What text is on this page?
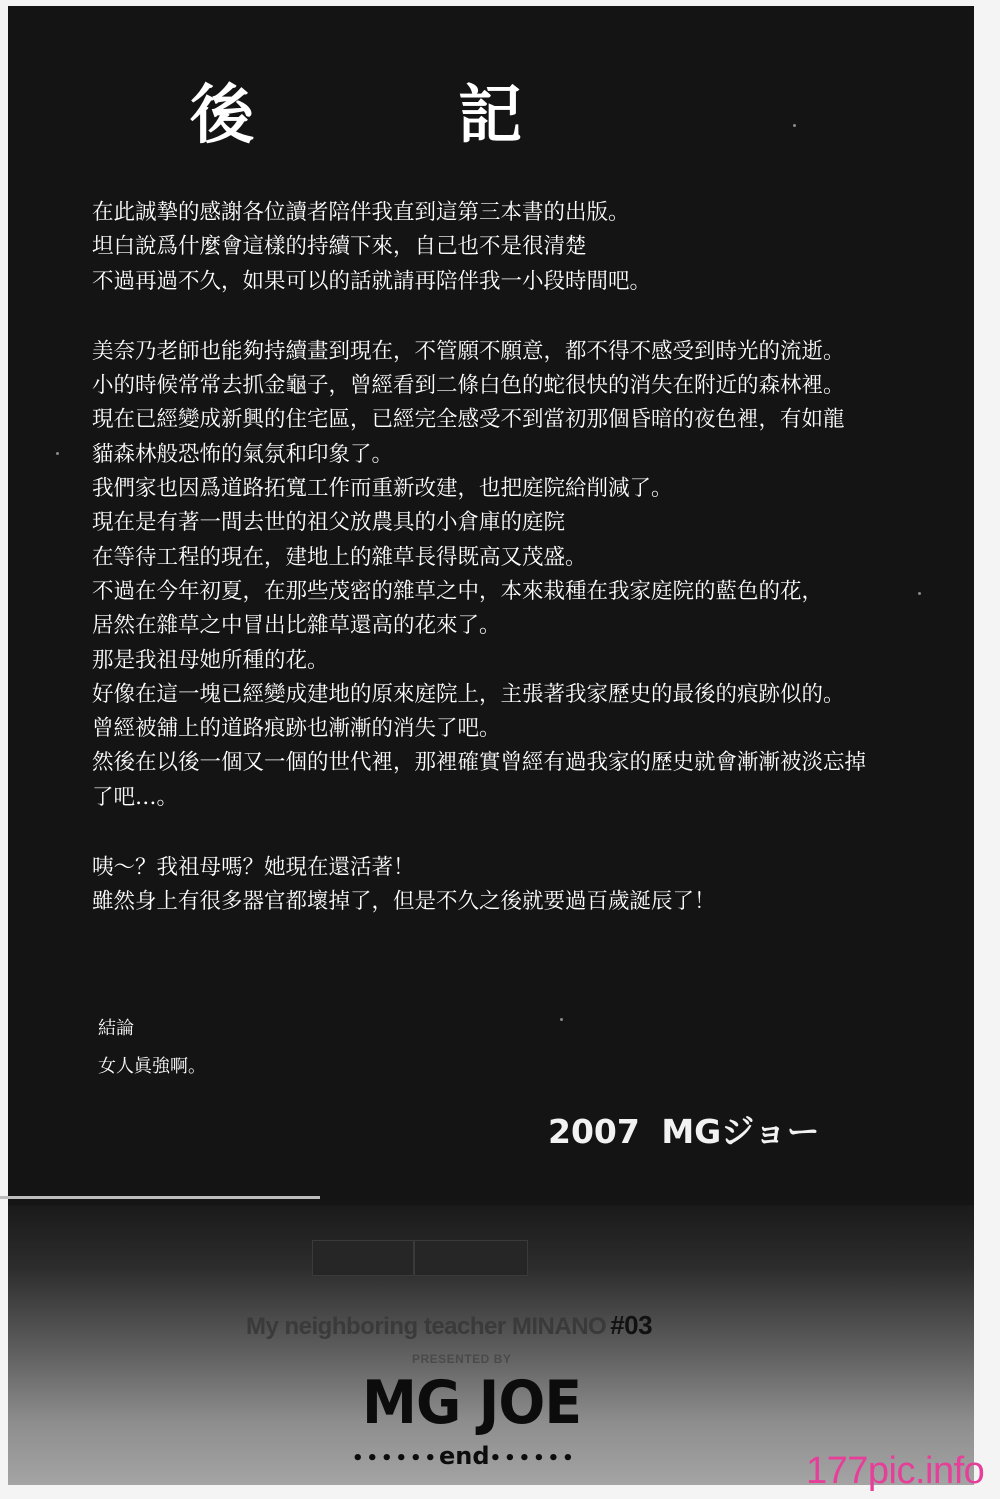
後　記
在此誠摯的感謝各位讀者陪伴我直到這第三本書的出版。
坦白說爲什麼會這樣的持續下來，自己也不是很清楚
不過再過不久，如果可以的話就請再陪伴我一小段時間吧。
美奈乃老師也能夠持續畫到現在，不管願不願意，都不得不感受到時光的流逝。
小的時候常常去抓金龜子，曾經看到二條白色的蛇很快的消失在附近的森林裡。
現在已經變成新興的住宅區，已經完全感受不到當初那個昏暗的夜色裡，有如龍
貓森林般恐怖的氣氛和印象了。
我們家也因爲道路拓寬工作而重新改建，也把庭院給削減了。
現在是有著一間去世的祖父放農具的小倉庫的庭院
在等待工程的現在，建地上的雜草長得既高又茂盛。
不過在今年初夏，在那些茂密的雜草之中，本來栽種在我家庭院的藍色的花，
居然在雜草之中冒出比雜草還高的花來了。
那是我祖母她所種的花。
好像在這一塊已經變成建地的原來庭院上，主張著我家歷史的最後的痕跡似的。
曾經被舖上的道路痕跡也漸漸的消失了吧。
然後在以後一個又一個的世代裡，那裡確實曾經有過我家的歷史就會漸漸被淡忘掉
了吧…。
咦～？我祖母嗎？她現在還活著！
雖然身上有很多器官都壞掉了，但是不久之後就要過百歲誕辰了！
結論
女人眞強啊。
2007 MGジョー
My neighboring teacher MINANO #03
PRESENTED BY
MG JOE
••••••end••••••	177pic.info
